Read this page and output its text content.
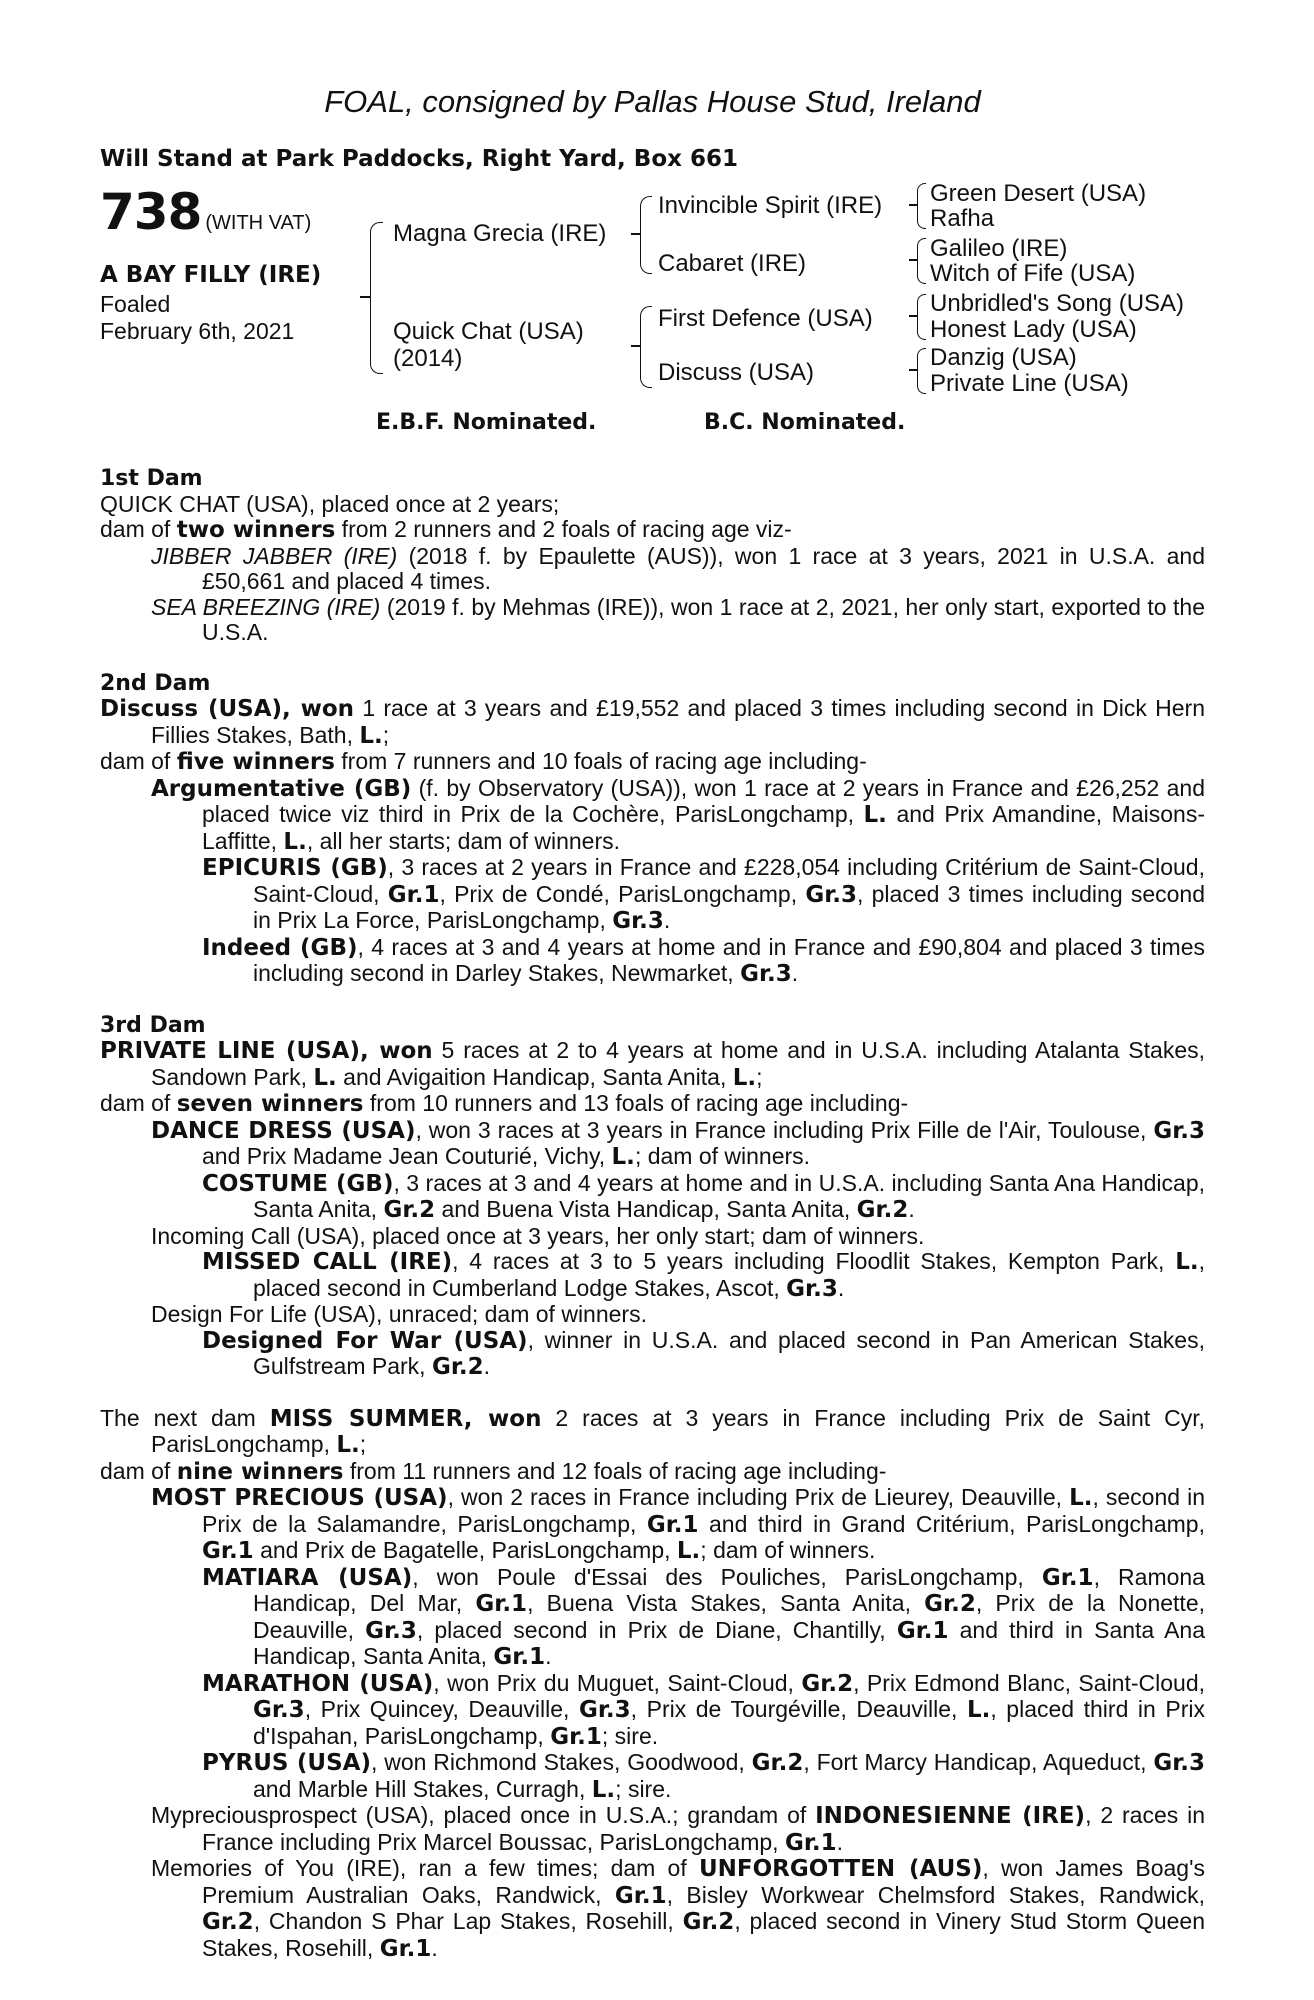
FOAL, consigned by Pallas House Stud, Ireland
Will Stand at Park Paddocks, Right Yard, Box 661
738 (WITH VAT)
A BAY FILLY (IRE)
Foaled
February 6th, 2021
Magna Grecia (IRE)
Quick Chat (USA)
(2014)
Invincible Spirit (IRE)
Cabaret (IRE)
First Defence (USA)
Discuss (USA)
Green Desert (USA)
Rafha
Galileo (IRE)
Witch of Fife (USA)
Unbridled's Song (USA)
Honest Lady (USA)
Danzig (USA)
Private Line (USA)
E.B.F. Nominated.	B.C. Nominated.

1st Dam

QUICK CHAT (USA), placed once at 2 years;

dam of two winners from 2 runners and 2 foals of racing age viz-

JIBBER JABBER (IRE) (2018 f. by Epaulette (AUS)), won 1 race at 3 years, 2021 in U.S.A. and £50,661 and placed 4 times.

SEA BREEZING (IRE) (2019 f. by Mehmas (IRE)), won 1 race at 2, 2021, her only start, exported to the U.S.A.

2nd Dam

Discuss (USA), won 1 race at 3 years and £19,552 and placed 3 times including second in Dick Hern Fillies Stakes, Bath, L.;

dam of five winners from 7 runners and 10 foals of racing age including-

Argumentative (GB) (f. by Observatory (USA)), won 1 race at 2 years in France and £26,252 and placed twice viz third in Prix de la Cochère, ParisLongchamp, L. and Prix Amandine, Maisons-Laffitte, L., all her starts; dam of winners.

EPICURIS (GB), 3 races at 2 years in France and £228,054 including Critérium de Saint-Cloud, Saint-Cloud, Gr.1, Prix de Condé, ParisLongchamp, Gr.3, placed 3 times including second in Prix La Force, ParisLongchamp, Gr.3.

Indeed (GB), 4 races at 3 and 4 years at home and in France and £90,804 and placed 3 times including second in Darley Stakes, Newmarket, Gr.3.

3rd Dam

PRIVATE LINE (USA), won 5 races at 2 to 4 years at home and in U.S.A. including Atalanta Stakes, Sandown Park, L. and Avigaition Handicap, Santa Anita, L.;

dam of seven winners from 10 runners and 13 foals of racing age including-

DANCE DRESS (USA), won 3 races at 3 years in France including Prix Fille de l'Air, Toulouse, Gr.3 and Prix Madame Jean Couturié, Vichy, L.; dam of winners.

COSTUME (GB), 3 races at 3 and 4 years at home and in U.S.A. including Santa Ana Handicap, Santa Anita, Gr.2 and Buena Vista Handicap, Santa Anita, Gr.2.

Incoming Call (USA), placed once at 3 years, her only start; dam of winners.

MISSED CALL (IRE), 4 races at 3 to 5 years including Floodlit Stakes, Kempton Park, L., placed second in Cumberland Lodge Stakes, Ascot, Gr.3.

Design For Life (USA), unraced; dam of winners.

Designed For War (USA), winner in U.S.A. and placed second in Pan American Stakes, Gulfstream Park, Gr.2.

The next dam MISS SUMMER, won 2 races at 3 years in France including Prix de Saint Cyr, ParisLongchamp, L.;

dam of nine winners from 11 runners and 12 foals of racing age including-

MOST PRECIOUS (USA), won 2 races in France including Prix de Lieurey, Deauville, L., second in Prix de la Salamandre, ParisLongchamp, Gr.1 and third in Grand Critérium, ParisLongchamp, Gr.1 and Prix de Bagatelle, ParisLongchamp, L.; dam of winners.

MATIARA (USA), won Poule d'Essai des Pouliches, ParisLongchamp, Gr.1, Ramona Handicap, Del Mar, Gr.1, Buena Vista Stakes, Santa Anita, Gr.2, Prix de la Nonette, Deauville, Gr.3, placed second in Prix de Diane, Chantilly, Gr.1 and third in Santa Ana Handicap, Santa Anita, Gr.1.

MARATHON (USA), won Prix du Muguet, Saint-Cloud, Gr.2, Prix Edmond Blanc, Saint-Cloud, Gr.3, Prix Quincey, Deauville, Gr.3, Prix de Tourgéville, Deauville, L., placed third in Prix d'Ispahan, ParisLongchamp, Gr.1; sire.

PYRUS (USA), won Richmond Stakes, Goodwood, Gr.2, Fort Marcy Handicap, Aqueduct, Gr.3 and Marble Hill Stakes, Curragh, L.; sire.

Mypreciousprospect (USA), placed once in U.S.A.; grandam of INDONESIENNE (IRE), 2 races in France including Prix Marcel Boussac, ParisLongchamp, Gr.1.

Memories of You (IRE), ran a few times; dam of UNFORGOTTEN (AUS), won James Boag's Premium Australian Oaks, Randwick, Gr.1, Bisley Workwear Chelmsford Stakes, Randwick, Gr.2, Chandon S Phar Lap Stakes, Rosehill, Gr.2, placed second in Vinery Stud Storm Queen Stakes, Rosehill, Gr.1.
